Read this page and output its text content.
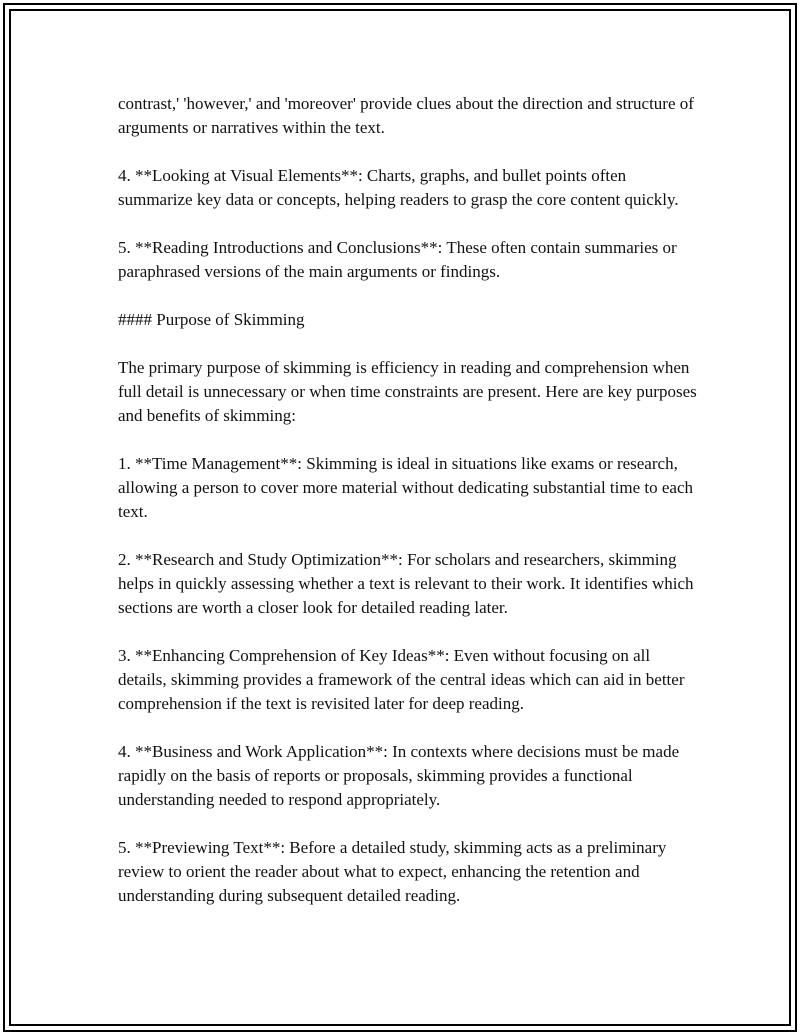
contrast,' 'however,' and 'moreover' provide clues about the direction and structure of arguments or narratives within the text.

4. **Looking at Visual Elements**: Charts, graphs, and bullet points often summarize key data or concepts, helping readers to grasp the core content quickly.

5. **Reading Introductions and Conclusions**: These often contain summaries or paraphrased versions of the main arguments or findings.

#### Purpose of Skimming

The primary purpose of skimming is efficiency in reading and comprehension when full detail is unnecessary or when time constraints are present. Here are key purposes and benefits of skimming:

1. **Time Management**: Skimming is ideal in situations like exams or research, allowing a person to cover more material without dedicating substantial time to each text.

2. **Research and Study Optimization**: For scholars and researchers, skimming helps in quickly assessing whether a text is relevant to their work. It identifies which sections are worth a closer look for detailed reading later.

3. **Enhancing Comprehension of Key Ideas**: Even without focusing on all details, skimming provides a framework of the central ideas which can aid in better comprehension if the text is revisited later for deep reading.

4. **Business and Work Application**: In contexts where decisions must be made rapidly on the basis of reports or proposals, skimming provides a functional understanding needed to respond appropriately.

5. **Previewing Text**: Before a detailed study, skimming acts as a preliminary review to orient the reader about what to expect, enhancing the retention and understanding during subsequent detailed reading.
